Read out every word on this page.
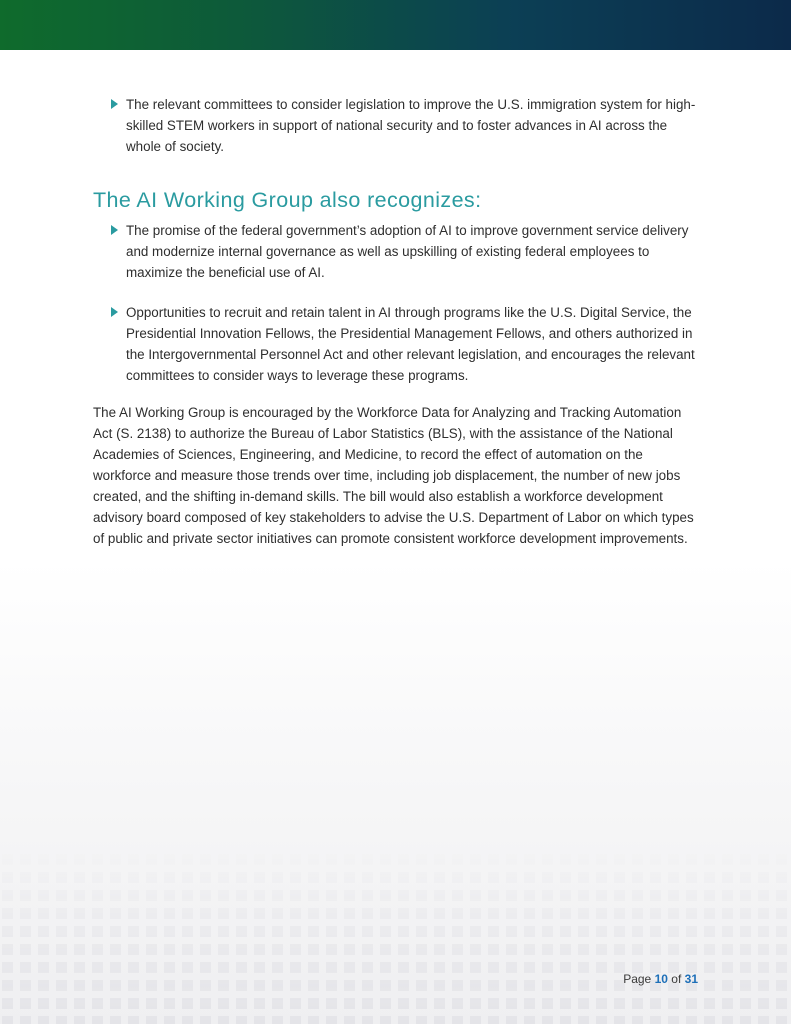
The relevant committees to consider legislation to improve the U.S. immigration system for high-skilled STEM workers in support of national security and to foster advances in AI across the whole of society.
The AI Working Group also recognizes:
The promise of the federal government’s adoption of AI to improve government service delivery and modernize internal governance as well as upskilling of existing federal employees to maximize the beneficial use of AI.
Opportunities to recruit and retain talent in AI through programs like the U.S. Digital Service, the Presidential Innovation Fellows, the Presidential Management Fellows, and others authorized in the Intergovernmental Personnel Act and other relevant legislation, and encourages the relevant committees to consider ways to leverage these programs.
The AI Working Group is encouraged by the Workforce Data for Analyzing and Tracking Automation Act (S. 2138) to authorize the Bureau of Labor Statistics (BLS), with the assistance of the National Academies of Sciences, Engineering, and Medicine, to record the effect of automation on the workforce and measure those trends over time, including job displacement, the number of new jobs created, and the shifting in-demand skills. The bill would also establish a workforce development advisory board composed of key stakeholders to advise the U.S. Department of Labor on which types of public and private sector initiatives can promote consistent workforce development improvements.
Page 10 of 31
